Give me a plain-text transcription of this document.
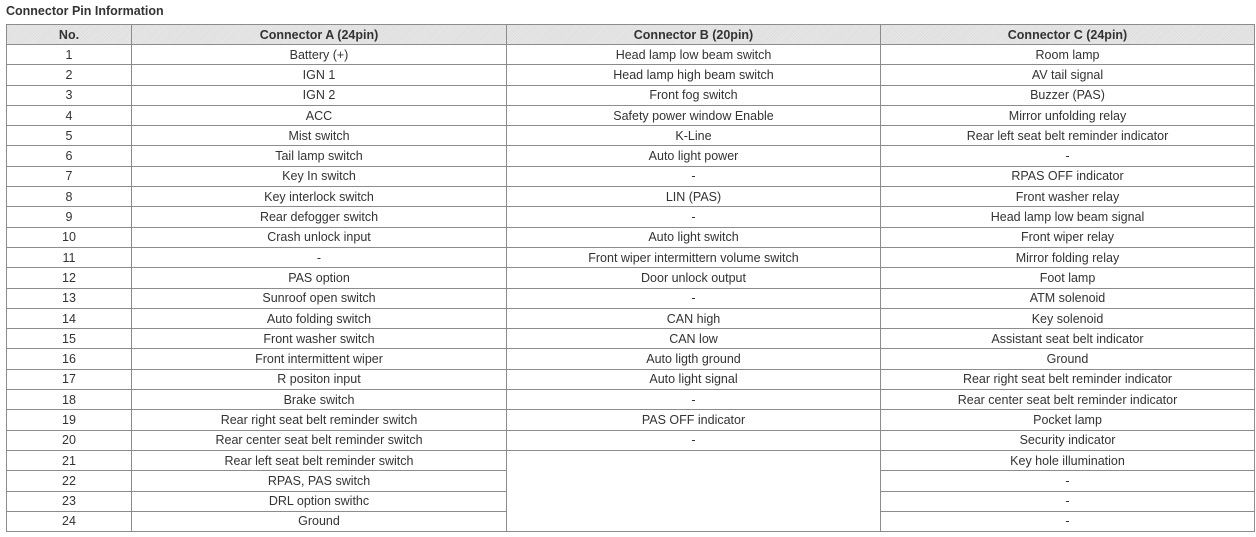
Connector Pin Information
No.	Connector A (24pin)	Connector B (20pin)	Connector C (24pin)
1	Battery (+)	Head lamp low beam switch	Room lamp
2	IGN 1	Head lamp high beam switch	AV tail signal
3	IGN 2	Front fog switch	Buzzer (PAS)
4	ACC	Safety power window Enable	Mirror unfolding relay
5	Mist switch	K-Line	Rear left seat belt reminder indicator
6	Tail lamp switch	Auto light power	-
7	Key In switch	-	RPAS OFF indicator
8	Key interlock switch	LIN (PAS)	Front washer relay
9	Rear defogger switch	-	Head lamp low beam signal
10	Crash unlock input	Auto light switch	Front wiper relay
11	-	Front wiper intermittern volume switch	Mirror folding relay
12	PAS option	Door unlock output	Foot lamp
13	Sunroof open switch	-	ATM solenoid
14	Auto folding switch	CAN high	Key solenoid
15	Front washer switch	CAN low	Assistant seat belt indicator
16	Front intermittent wiper	Auto ligth ground	Ground
17	R positon input	Auto light signal	Rear right seat belt reminder indicator
18	Brake switch	-	Rear center seat belt reminder indicator
19	Rear right seat belt reminder switch	PAS OFF indicator	Pocket lamp
20	Rear center seat belt reminder switch	-	Security indicator
21	Rear left seat belt reminder switch		Key hole illumination
22	RPAS, PAS switch		-
23	DRL option swithc		-
24	Ground		-
